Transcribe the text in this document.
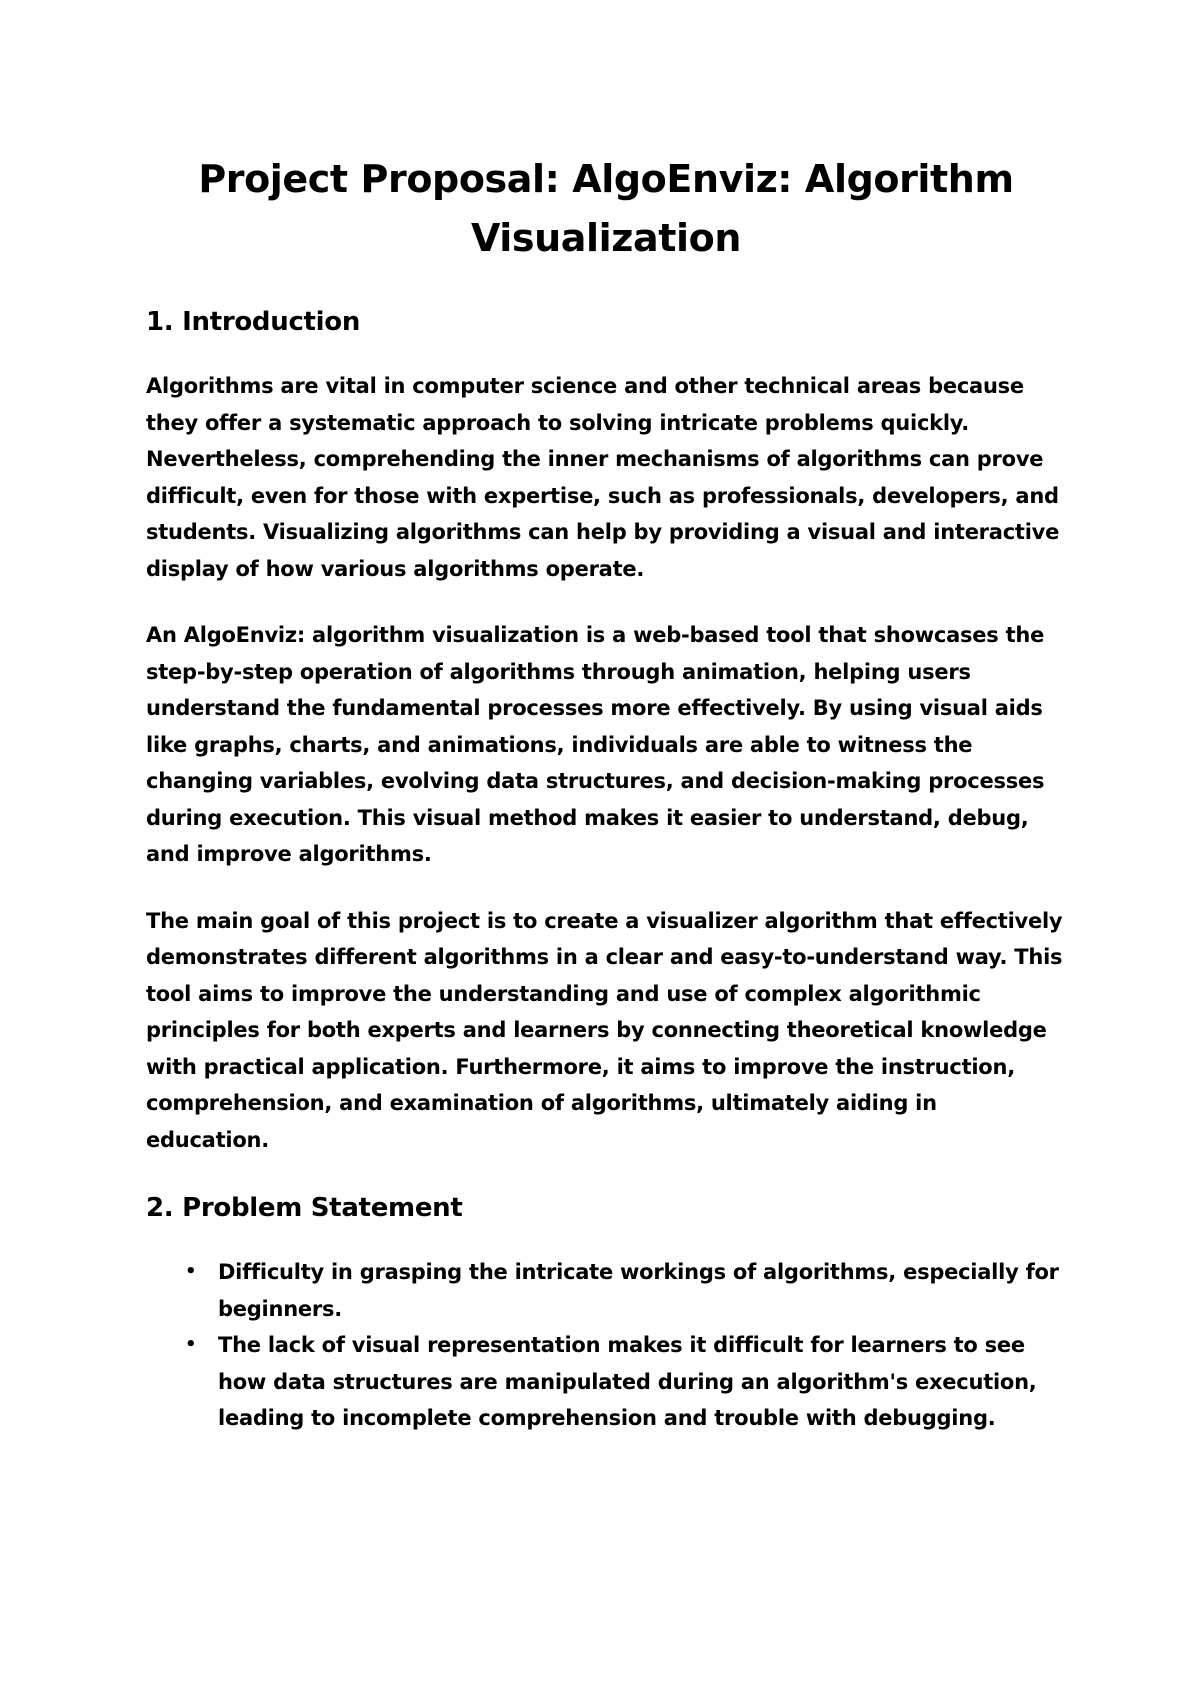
Project Proposal: AlgoEnviz: Algorithm Visualization
1. Introduction

Algorithms are vital in computer science and other technical areas because they offer a systematic approach to solving intricate problems quickly. Nevertheless, comprehending the inner mechanisms of algorithms can prove difficult, even for those with expertise, such as professionals, developers, and students. Visualizing algorithms can help by providing a visual and interactive display of how various algorithms operate.

An AlgoEnviz: algorithm visualization is a web-based tool that showcases the step-by-step operation of algorithms through animation, helping users understand the fundamental processes more effectively. By using visual aids like graphs, charts, and animations, individuals are able to witness the changing variables, evolving data structures, and decision-making processes during execution. This visual method makes it easier to understand, debug, and improve algorithms.

The main goal of this project is to create a visualizer algorithm that effectively demonstrates different algorithms in a clear and easy-to-understand way. This tool aims to improve the understanding and use of complex algorithmic principles for both experts and learners by connecting theoretical knowledge with practical application. Furthermore, it aims to improve the instruction, comprehension, and examination of algorithms, ultimately aiding in education.

2. Problem Statement
• Difficulty in grasping the intricate workings of algorithms, especially for beginners.
• The lack of visual representation makes it difficult for learners to see how data structures are manipulated during an algorithm's execution, leading to incomplete comprehension and trouble with debugging.
